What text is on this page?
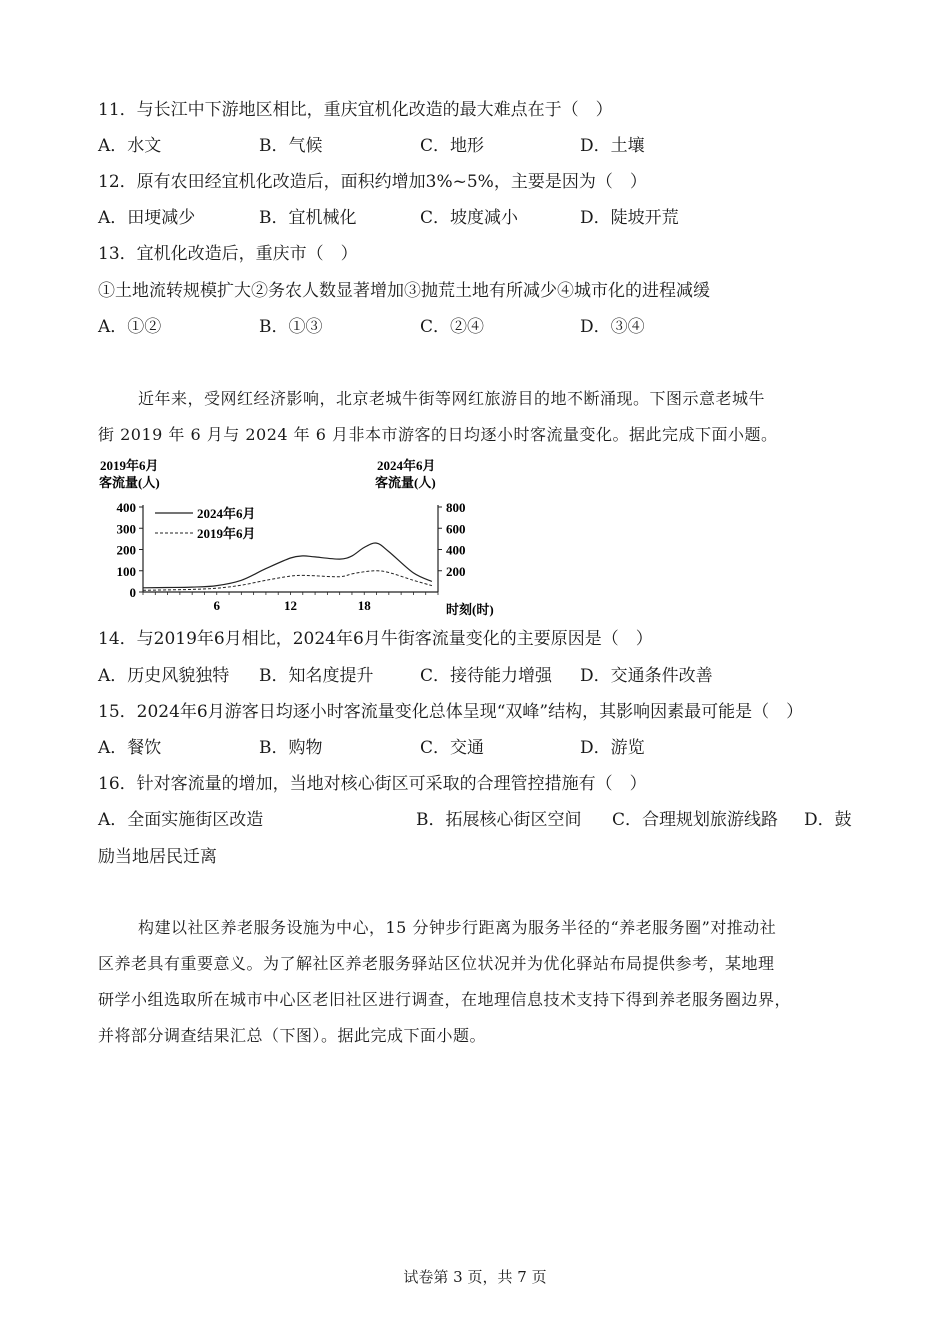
11．与长江中下游地区相比，重庆宜机化改造的最大难点在于（　）
A．水文	B．气候	C．地形	D．土壤
12．原有农田经宜机化改造后，面积约增加3%~5%，主要是因为（　）
A．田埂减少	B．宜机械化	C．坡度减小	D．陡坡开荒
13．宜机化改造后，重庆市（　）
①土地流转规模扩大②务农人数显著增加③抛荒土地有所减少④城市化的进程减缓
A．①②	B．①③	C．②④	D．③④
近年来，受网红经济影响，北京老城牛街等网红旅游目的地不断涌现。下图示意老城牛
街 2019 年 6 月与 2024 年 6 月非本市游客的日均逐小时客流量变化。据此完成下面小题。
2019年6月
客流量(人)
2024年6月
客流量(人)
6	12	18
0
100
200
300
400
200
400
600
800
2024年6月
2019年6月
时刻(时)
14．与2019年6月相比，2024年6月牛街客流量变化的主要原因是（　）
A．历史风貌独特 B．知名度提升	C．接待能力增强 D．交通条件改善
15．2024年6月游客日均逐小时客流量变化总体呈现“双峰”结构，其影响因素最可能是（　）
A．餐饮	B．购物	C．交通	D．游览
16．针对客流量的增加，当地对核心街区可采取的合理管控措施有（　）
A．全面实施街区改造	B．拓展核心街区空间 C．合理规划旅游线路 D．鼓
励当地居民迁离
构建以社区养老服务设施为中心，15 分钟步行距离为服务半径的“养老服务圈”对推动社
区养老具有重要意义。为了解社区养老服务驿站区位状况并为优化驿站布局提供参考，某地理
研学小组选取所在城市中心区老旧社区进行调查，在地理信息技术支持下得到养老服务圈边界，
并将部分调查结果汇总（下图）。据此完成下面小题。
试卷第 3 页，共 7 页
